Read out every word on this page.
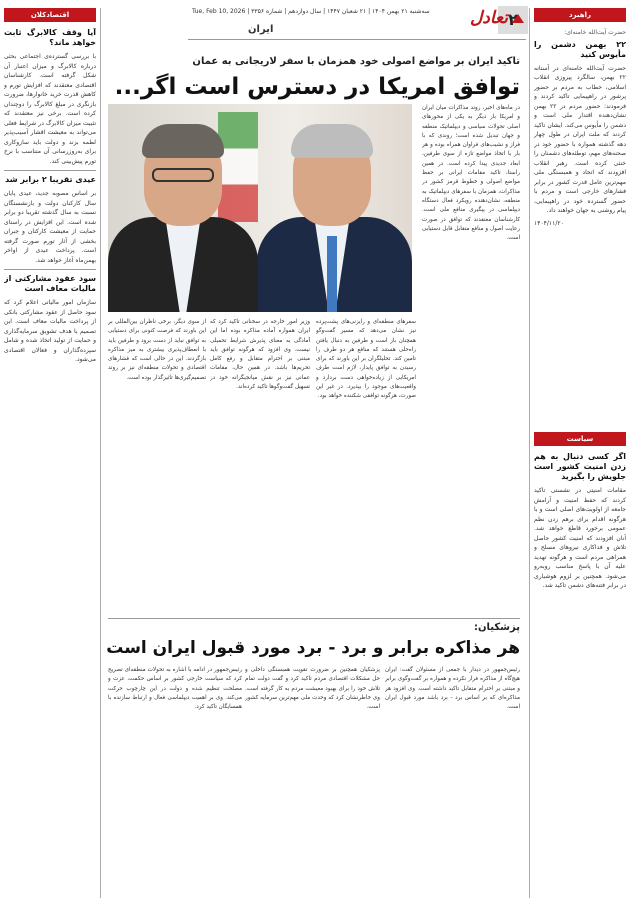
۲
تعادل
سه‌شنبه ۲۱ بهمن ۱۴۰۴ | ۲۱ شعبان ۱۴۴۷ | سال دوازدهم | شماره ۳۳۵۶ | Tue, Feb 10, 2026
ایران
راهبرد
اقتصادکلان
سیاست
حضرت آیت‌الله خامنه‌ای:
۲۲ بهمن دشمن را مأیوس کنید

حضرت آیت‌الله خامنه‌ای در آستانه ۲۲ بهمن، سالگرد پیروزی انقلاب اسلامی، خطاب به مردم بر حضور پرشور در راهپیمایی تاکید کردند و فرمودند: حضور مردم در ۲۲ بهمن نشان‌دهنده اقتدار ملی است و دشمن را مأیوس می‌کند. ایشان تاکید کردند که ملت ایران در طول چهار دهه گذشته همواره با حضور خود در صحنه‌های مهم، توطئه‌های دشمنان را خنثی کرده است. رهبر انقلاب افزودند که اتحاد و همبستگی ملی مهم‌ترین عامل قدرت کشور در برابر فشارهای خارجی است و مردم با حضور گسترده خود در راهپیمایی، پیام روشنی به جهان خواهند داد.

۱۴۰۴/۱۱/۲۰

اگر کسی دنبال به هم زدن امنیت کشور است جلویش را بگیرید

مقامات امنیتی در نشستی تاکید کردند که حفظ امنیت و آرامش جامعه از اولویت‌های اصلی است و با هرگونه اقدام برای برهم زدن نظم عمومی برخورد قاطع خواهد شد. آنان افزودند که امنیت کشور حاصل تلاش و فداکاری نیروهای مسلح و همراهی مردم است و هرگونه تهدید علیه آن با پاسخ مناسب روبه‌رو می‌شود. همچنین بر لزوم هوشیاری در برابر فتنه‌های دشمن تاکید شد.

آیا وقف کالابرگ ثابت خواهد ماند؟

با بررسی گسترده‌ی اجتماعی بحثی درباره کالابرگ و میزان اعتبار آن شکل گرفته است. کارشناسان اقتصادی معتقدند که افزایش تورم و کاهش قدرت خرید خانوارها، ضرورت بازنگری در مبلغ کالابرگ را دوچندان کرده است. برخی نیز معتقدند که تثبیت میزان کالابرگ در شرایط فعلی می‌تواند به معیشت اقشار آسیب‌پذیر لطمه بزند و دولت باید سازوکاری برای به‌روزرسانی آن متناسب با نرخ تورم پیش‌بینی کند.

عیدی تقریبا ۲ برابر شد

بر اساس مصوبه جدید، عیدی پایان سال کارکنان دولت و بازنشستگان نسبت به سال گذشته تقریبا دو برابر شده است. این افزایش در راستای حمایت از معیشت کارکنان و جبران بخشی از آثار تورم صورت گرفته است. پرداخت عیدی از اواخر بهمن‌ماه آغاز خواهد شد.

سود عقود مشارکتی از مالیات معاف است

سازمان امور مالیاتی اعلام کرد که سود حاصل از عقود مشارکتی بانکی از پرداخت مالیات معاف است. این تصمیم با هدف تشویق سرمایه‌گذاری و حمایت از تولید اتخاذ شده و شامل سپرده‌گذاران و فعالان اقتصادی می‌شود.

تاکید ایران بر مواضع اصولی خود همزمان با سفر لاریجانی به عمان
توافق امریکا در دسترس است اگر...
در ماه‌های اخیر، روند مذاکرات میان ایران و امریکا بار دیگر به یکی از محورهای اصلی تحولات سیاسی و دیپلماتیک منطقه و جهان تبدیل شده است؛ روندی که با فراز و نشیب‌های فراوان همراه بوده و هر بار با اتخاذ مواضع تازه از سوی طرفین، ابعاد جدیدی پیدا کرده است. در همین راستا، تاکید مقامات ایرانی بر حفظ مواضع اصولی و خطوط قرمز کشور در مذاکرات، همزمان با سفرهای دیپلماتیک به منطقه، نشان‌دهنده رویکرد فعال دستگاه دیپلماسی در پیگیری منافع ملی است. کارشناسان معتقدند که توافق در صورت رعایت اصول و منافع متقابل قابل دستیابی است.
سفرهای منطقه‌ای و رایزنی‌های پشت‌پرده نیز نشان می‌دهد که مسیر گفت‌وگو همچنان باز است و طرفین به دنبال یافتن راه‌حلی هستند که منافع هر دو طرف را تامین کند. تحلیلگران بر این باورند که برای رسیدن به توافق پایدار، لازم است طرف امریکایی از زیاده‌خواهی دست بردارد و واقعیت‌های موجود را بپذیرد. در غیر این صورت، هرگونه توافقی شکننده خواهد بود.
وزیر امور خارجه در سخنانی تاکید کرد که ایران همواره آماده مذاکره بوده اما این آمادگی به معنای پذیرش شرایط تحمیلی نیست. وی افزود که هرگونه توافق باید مبتنی بر احترام متقابل و رفع کامل تحریم‌ها باشد. در همین حال، مقامات عمانی نیز بر نقش میانجیگرانه خود در تسهیل گفت‌وگوها تاکید کرده‌اند.
از سوی دیگر، برخی ناظران بین‌المللی بر این باورند که فرصت کنونی برای دستیابی به توافق نباید از دست برود و طرفین باید با انعطاف‌پذیری بیشتری به میز مذاکره بازگردند. این در حالی است که فشارهای اقتصادی و تحولات منطقه‌ای نیز بر روند تصمیم‌گیری‌ها تاثیرگذار بوده است.
پزشکیان:
هر مذاکره برابر و برد - برد مورد قبول ایران است
رئیس‌جمهور در دیدار با جمعی از مسئولان گفت: ایران هیچ‌گاه از مذاکره فرار نکرده و همواره بر گفت‌وگوی برابر و مبتنی بر احترام متقابل تاکید داشته است. وی افزود هر مذاکره‌ای که بر اساس برد - برد باشد مورد قبول ایران است.
پزشکیان همچنین بر ضرورت تقویت همبستگی داخلی و حل مشکلات اقتصادی مردم تاکید کرد و گفت دولت تمام تلاش خود را برای بهبود معیشت مردم به کار گرفته است. وی خاطرنشان کرد که وحدت ملی مهم‌ترین سرمایه کشور است.
رئیس‌جمهور در ادامه با اشاره به تحولات منطقه‌ای تصریح کرد که سیاست خارجی کشور بر اساس حکمت، عزت و مصلحت تنظیم شده و دولت در این چارچوب حرکت می‌کند. وی بر اهمیت دیپلماسی فعال و ارتباط سازنده با همسایگان تاکید کرد.
